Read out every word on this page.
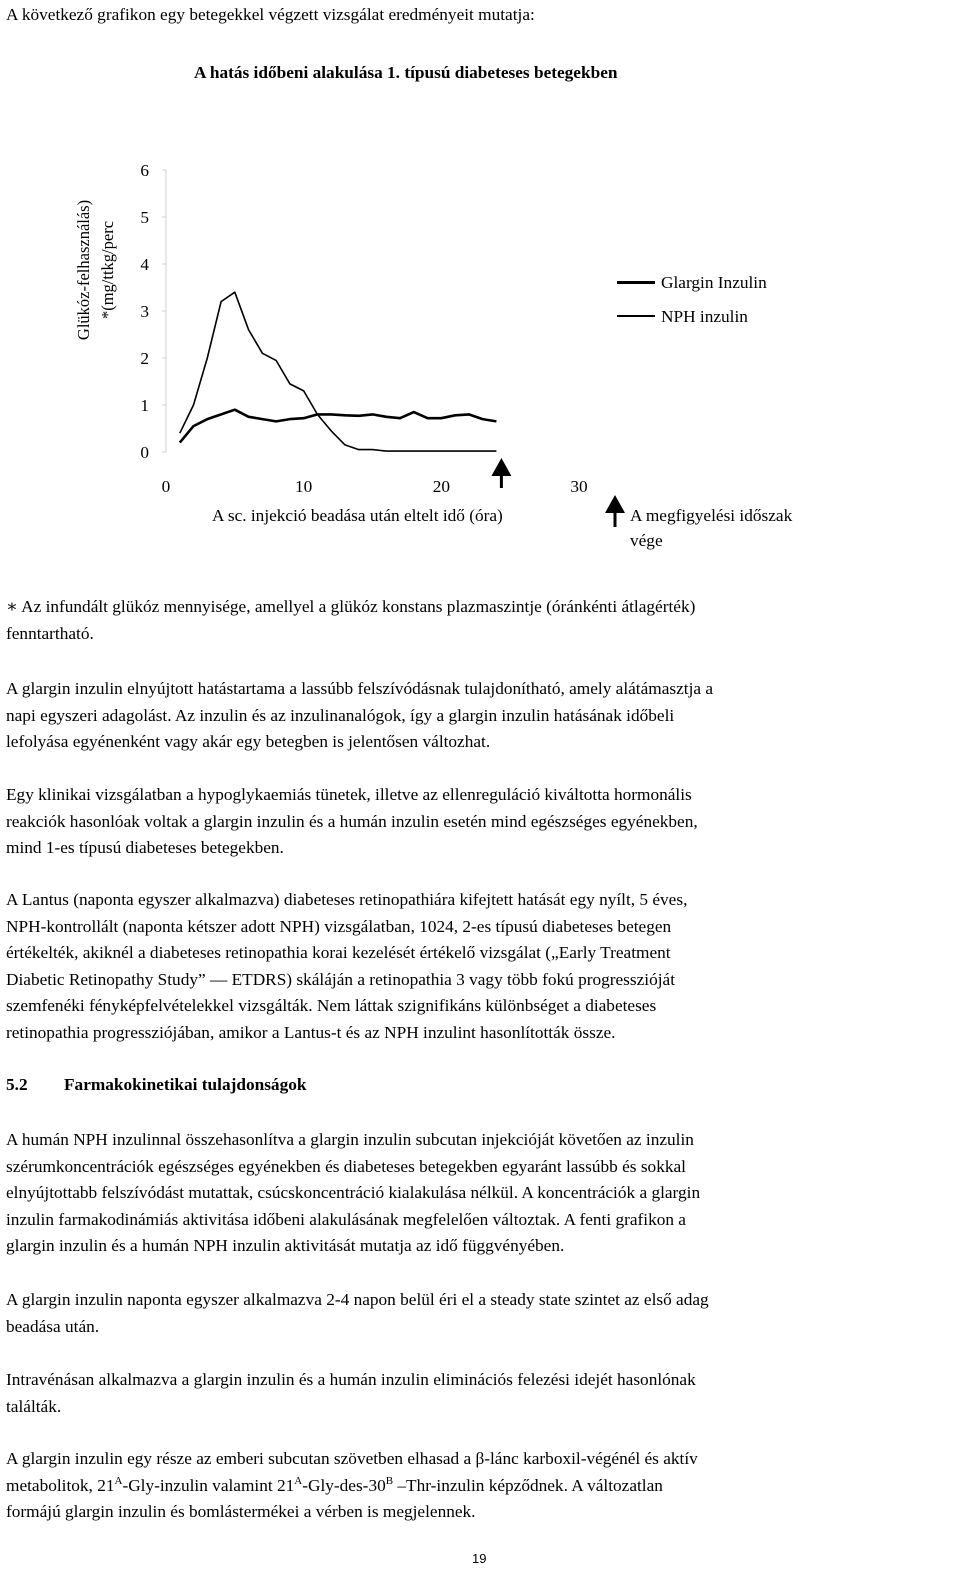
A következő grafikon egy betegekkel végzett vizsgálat eredményeit mutatja:
A hatás időbeni alakulása 1. típusú diabeteses betegekben
Glükóz-felhasználás) *(mg/ttkg/perc
0
1
2
3
4
5
6
0	10	20	30
A sc. injekció beadása után eltelt idő (óra)
Glargin Inzulin
NPH inzulin
A megfigyelési időszak
vége
∗ Az infundált glükóz mennyisége, amellyel a glükóz konstans plazmaszintje (óránkénti átlagérték)
fenntartható.
A glargin inzulin elnyújtott hatástartama a lassúbb felszívódásnak tulajdonítható, amely alátámasztja a
napi egyszeri adagolást. Az inzulin és az inzulinanalógok, így a glargin inzulin hatásának időbeli
lefolyása egyénenként vagy akár egy betegben is jelentősen változhat.
Egy klinikai vizsgálatban a hypoglykaemiás tünetek, illetve az ellenreguláció kiváltotta hormonális
reakciók hasonlóak voltak a glargin inzulin és a humán inzulin esetén mind egészséges egyénekben,
mind 1-es típusú diabeteses betegekben.
A Lantus (naponta egyszer alkalmazva) diabeteses retinopathiára kifejtett hatását egy nyílt, 5 éves,
NPH-kontrollált (naponta kétszer adott NPH) vizsgálatban, 1024, 2-es típusú diabeteses betegen
értékelték, akiknél a diabeteses retinopathia korai kezelését értékelő vizsgálat („Early Treatment
Diabetic Retinopathy Study” ― ETDRS) skáláján a retinopathia 3 vagy több fokú progresszióját
szemfenéki fényképfelvételekkel vizsgálták. Nem láttak szignifikáns különbséget a diabeteses
retinopathia progressziójában, amikor a Lantus-t és az NPH inzulint hasonlították össze.
5.2 Farmakokinetikai tulajdonságok
A humán NPH inzulinnal összehasonlítva a glargin inzulin subcutan injekcióját követően az inzulin
szérumkoncentrációk egészséges egyénekben és diabeteses betegekben egyaránt lassúbb és sokkal
elnyújtottabb felszívódást mutattak, csúcskoncentráció kialakulása nélkül. A koncentrációk a glargin
inzulin farmakodinámiás aktivitása időbeni alakulásának megfelelően változtak. A fenti grafikon a
glargin inzulin és a humán NPH inzulin aktivitását mutatja az idő függvényében.
A glargin inzulin naponta egyszer alkalmazva 2-4 napon belül éri el a steady state szintet az első adag
beadása után.
Intravénásan alkalmazva a glargin inzulin és a humán inzulin eliminációs felezési idejét hasonlónak
találták.
A glargin inzulin egy része az emberi subcutan szövetben elhasad a β-lánc karboxil-végénél és aktív
metabolitok, $21^A-Gly$-inzulin valamint $21^A-Gly-des-30^B$ –Thr-inzulin képződnek. A változatlan
formájú glargin inzulin és bomlástermékei a vérben is megjelennek.
19
